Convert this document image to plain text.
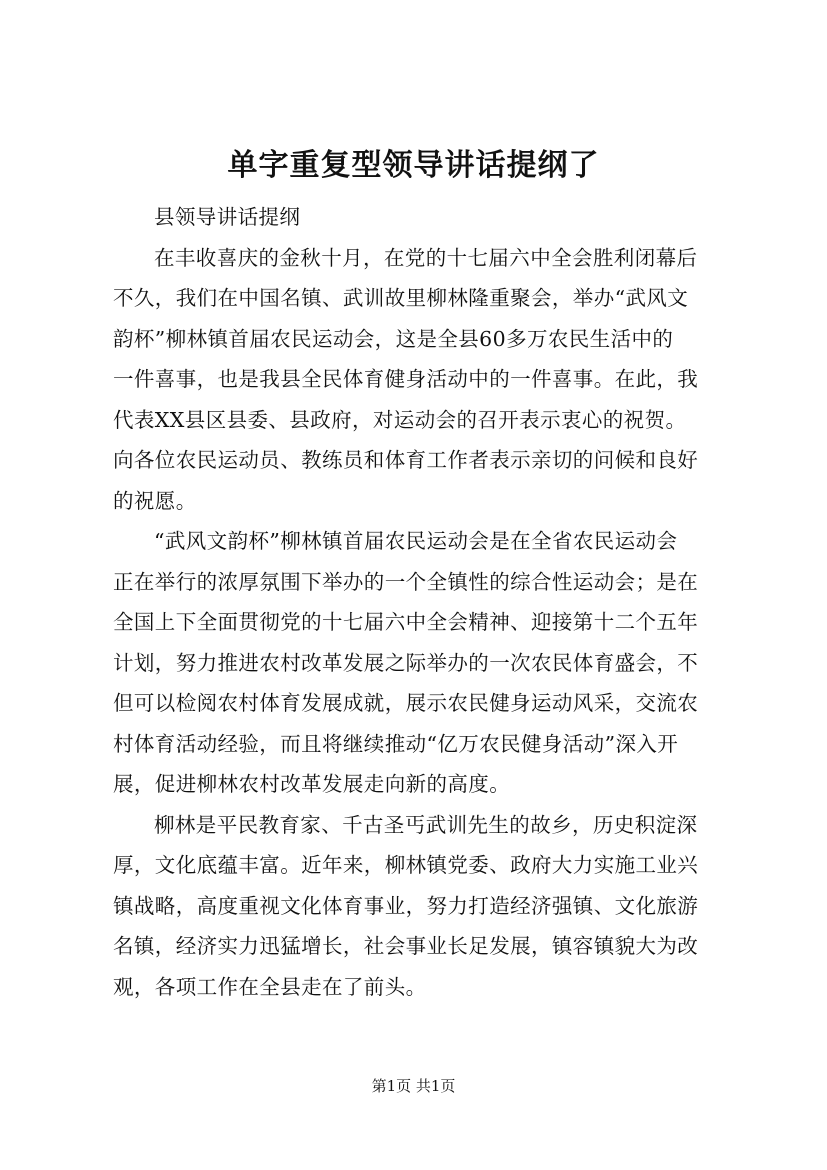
单字重复型领导讲话提纲了
县领导讲话提纲
在丰收喜庆的金秋十月，在党的十七届六中全会胜利闭幕后
不久，我们在中国名镇、武训故里柳林隆重聚会，举办“武风文
韵杯”柳林镇首届农民运动会，这是全县60多万农民生活中的
一件喜事，也是我县全民体育健身活动中的一件喜事。在此，我
代表XX县区县委、县政府，对运动会的召开表示衷心的祝贺。
向各位农民运动员、教练员和体育工作者表示亲切的问候和良好
的祝愿。
“武风文韵杯”柳林镇首届农民运动会是在全省农民运动会
正在举行的浓厚氛围下举办的一个全镇性的综合性运动会；是在
全国上下全面贯彻党的十七届六中全会精神、迎接第十二个五年
计划，努力推进农村改革发展之际举办的一次农民体育盛会，不
但可以检阅农村体育发展成就，展示农民健身运动风采，交流农
村体育活动经验，而且将继续推动“亿万农民健身活动”深入开
展，促进柳林农村改革发展走向新的高度。
柳林是平民教育家、千古圣丐武训先生的故乡，历史积淀深
厚，文化底蕴丰富。近年来，柳林镇党委、政府大力实施工业兴
镇战略，高度重视文化体育事业，努力打造经济强镇、文化旅游
名镇，经济实力迅猛增长，社会事业长足发展，镇容镇貌大为改
观，各项工作在全县走在了前头。
第1页 共1页
